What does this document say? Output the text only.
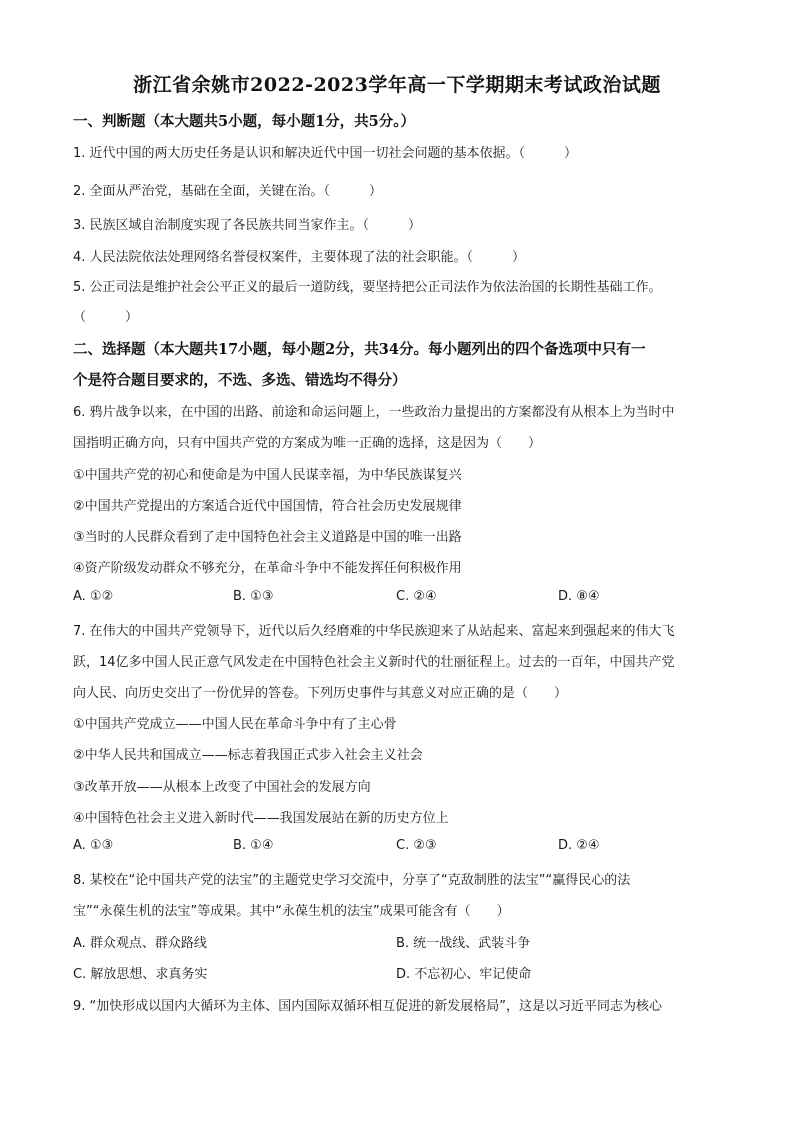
浙江省余姚市2022-2023学年高一下学期期末考试政治试题
一、判断题（本大题共5小题，每小题1分，共5分。）
1. 近代中国的两大历史任务是认识和解决近代中国一切社会问题的基本依据。（　　　）
2. 全面从严治党，基础在全面，关键在治。（　　　）
3. 民族区域自治制度实现了各民族共同当家作主。（　　　）
4. 人民法院依法处理网络名誉侵权案件，主要体现了法的社会职能。（　　　）
5. 公正司法是维护社会公平正义的最后一道防线，要坚持把公正司法作为依法治国的长期性基础工作。
（　　　）
二、选择题（本大题共17小题，每小题2分，共34分。每小题列出的四个备选项中只有一
个是符合题目要求的，不选、多选、错选均不得分）
6. 鸦片战争以来，在中国的出路、前途和命运问题上，一些政治力量提出的方案都没有从根本上为当时中
国指明正确方向，只有中国共产党的方案成为唯一正确的选择，这是因为（　　）
①中国共产党的初心和使命是为中国人民谋幸福，为中华民族谋复兴
②中国共产党提出的方案适合近代中国国情，符合社会历史发展规律
③当时的人民群众看到了走中国特色社会主义道路是中国的唯一出路
④资产阶级发动群众不够充分，在革命斗争中不能发挥任何积极作用
A. ①②	B. ①③	C. ②④	D. ⑧④
7. 在伟大的中国共产党领导下，近代以后久经磨难的中华民族迎来了从站起来、富起来到强起来的伟大飞
跃，14亿多中国人民正意气风发走在中国特色社会主义新时代的壮丽征程上。过去的一百年，中国共产党
向人民、向历史交出了一份优异的答卷。下列历史事件与其意义对应正确的是（　　）
①中国共产党成立——中国人民在革命斗争中有了主心骨
②中华人民共和国成立——标志着我国正式步入社会主义社会
③改革开放——从根本上改变了中国社会的发展方向
④中国特色社会主义进入新时代——我国发展站在新的历史方位上
A. ①③	B. ①④	C. ②③	D. ②④
8. 某校在“论中国共产党的法宝”的主题党史学习交流中，分享了“克敌制胜的法宝”“赢得民心的法
宝”“永葆生机的法宝”等成果。其中“永葆生机的法宝”成果可能含有（　　）
A. 群众观点、群众路线	B. 统一战线、武装斗争
C. 解放思想、求真务实	D. 不忘初心、牢记使命
9. “加快形成以国内大循环为主体、国内国际双循环相互促进的新发展格局”，这是以习近平同志为核心
